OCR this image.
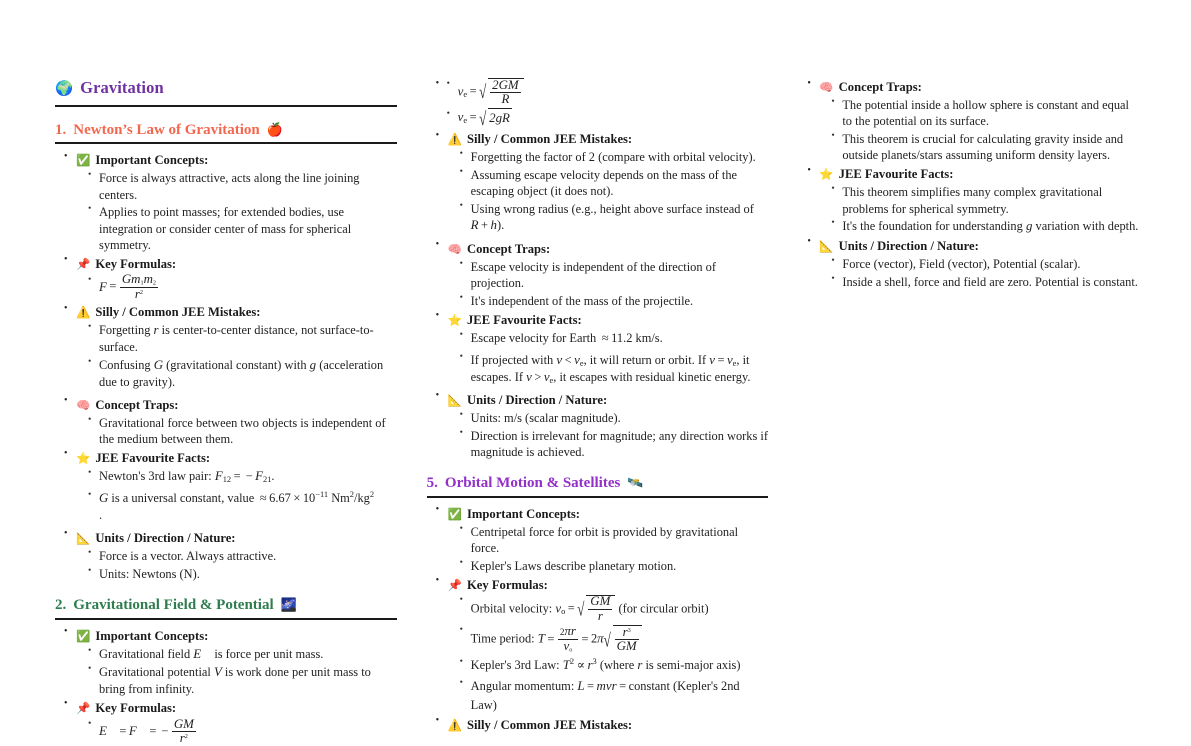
🌍 Gravitation
1. Newton’s Law of Gravitation 🍎
• ✅ Important Concepts:
• Force is always attractive, acts along the line joining centers.
• Applies to point masses; for extended bodies, use integration or consider center of mass for spherical symmetry.
• 📌 Key Formulas:
• $F = \frac{Gm_1m_2}{r^2}$
• ⚠️ Silly / Common JEE Mistakes:
• Forgetting r is center-to-center distance, not surface-to-surface.
• Confusing G (gravitational constant) with g (acceleration due to gravity).
• 🧠 Concept Traps:
• Gravitational force between two objects is independent of the medium between them.
• ⭐ JEE Favourite Facts:
• Newton's 3rd law pair: $F_{12}$ = − $F_{21}$.
• G is a universal constant, value ≈ $6.67 \times 10^{-11}$ $Nm^2/kg^2$
.
• 📐 Units / Direction / Nature:
• Force is a vector. Always attractive.
• Units: Newtons (N).
2. Gravitational Field & Potential 🌌
• ✅ Important Concepts:
• Gravitational field E⃗ is force per unit mass.
• Gravitational potential V is work done per unit mass to bring from infinity.
• 📌 Key Formulas:
• E⃗ = F⃗ = − $\frac{GM}{r^2}$
• • $v_e$ = √ $\frac{2GM}{R}$
• $v_e$ = √ 2gR
• ⚠️ Silly / Common JEE Mistakes:
• Forgetting the factor of 2 (compare with orbital velocity).
• Assuming escape velocity depends on the mass of the escaping object (it does not).
• Using wrong radius (e.g., height above surface instead of R + h).
• 🧠 Concept Traps:
• Escape velocity is independent of the direction of projection.
• It's independent of the mass of the projectile.
• ⭐ JEE Favourite Facts:
• Escape velocity for Earth ≈ 11.2 km/s.
• If projected with $v < v_e$, it will return or orbit. If $v = v_e$, it escapes. If $v > v_e$, it escapes with residual kinetic energy.
• 📐 Units / Direction / Nature:
• Units: m/s (scalar magnitude).
• Direction is irrelevant for magnitude; any direction works if magnitude is achieved.
5. Orbital Motion & Satellites 🛰️
• ✅ Important Concepts:
• Centripetal force for orbit is provided by gravitational force.
• Kepler's Laws describe planetary motion.
• 📌 Key Formulas:
• Orbital velocity: $v_o$ = √ $\frac{GM}{r} (for$ circular orbit)
• Time period: $T = \frac{2\pi r}{v_o} = 2\pi$ √ $\frac{r^3}{GM}$
• Kepler's 3rd Law: $T^2 \propto r^3$ (where r is semi-major axis)
• Angular momentum: L = mvr = constant (Kepler's 2nd Law)
• ⚠️ Silly / Common JEE Mistakes:
• 🧠 Concept Traps:
• The potential inside a hollow sphere is constant and equal to the potential on its surface.
• This theorem is crucial for calculating gravity inside and outside planets/stars assuming uniform density layers.
• ⭐ JEE Favourite Facts:
• This theorem simplifies many complex gravitational problems for spherical symmetry.
• It's the foundation for understanding g variation with depth.
• 📐 Units / Direction / Nature:
• Force (vector), Field (vector), Potential (scalar).
• Inside a shell, force and field are zero. Potential is constant.
